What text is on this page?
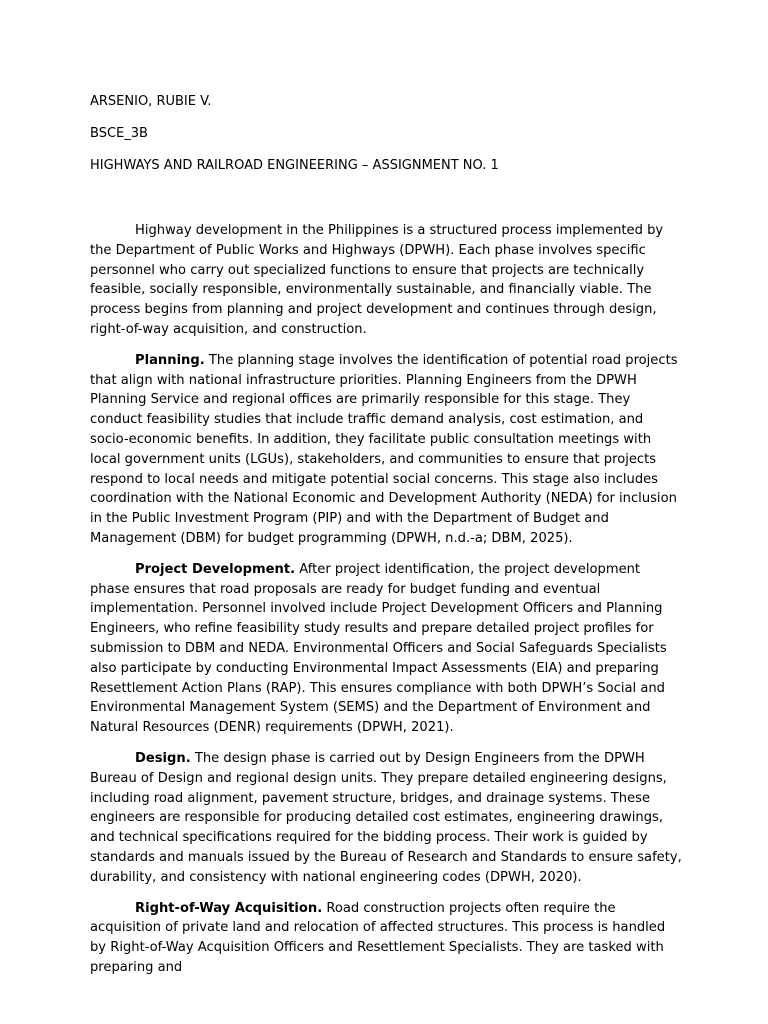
ARSENIO, RUBIE V.
BSCE_3B
HIGHWAYS AND RAILROAD ENGINEERING – ASSIGNMENT NO. 1

Highway development in the Philippines is a structured process implemented by the Department of Public Works and Highways (DPWH). Each phase involves specific personnel who carry out specialized functions to ensure that projects are technically feasible, socially responsible, environmentally sustainable, and financially viable. The process begins from planning and project development and continues through design, right-of-way acquisition, and construction.

Planning. The planning stage involves the identification of potential road projects that align with national infrastructure priorities. Planning Engineers from the DPWH Planning Service and regional offices are primarily responsible for this stage. They conduct feasibility studies that include traffic demand analysis, cost estimation, and socio-economic benefits. In addition, they facilitate public consultation meetings with local government units (LGUs), stakeholders, and communities to ensure that projects respond to local needs and mitigate potential social concerns. This stage also includes coordination with the National Economic and Development Authority (NEDA) for inclusion in the Public Investment Program (PIP) and with the Department of Budget and Management (DBM) for budget programming (DPWH, n.d.-a; DBM, 2025).

Project Development. After project identification, the project development phase ensures that road proposals are ready for budget funding and eventual implementation. Personnel involved include Project Development Officers and Planning Engineers, who refine feasibility study results and prepare detailed project profiles for submission to DBM and NEDA. Environmental Officers and Social Safeguards Specialists also participate by conducting Environmental Impact Assessments (EIA) and preparing Resettlement Action Plans (RAP). This ensures compliance with both DPWH’s Social and Environmental Management System (SEMS) and the Department of Environment and Natural Resources (DENR) requirements (DPWH, 2021).

Design. The design phase is carried out by Design Engineers from the DPWH Bureau of Design and regional design units. They prepare detailed engineering designs, including road alignment, pavement structure, bridges, and drainage systems. These engineers are responsible for producing detailed cost estimates, engineering drawings, and technical specifications required for the bidding process. Their work is guided by standards and manuals issued by the Bureau of Research and Standards to ensure safety, durability, and consistency with national engineering codes (DPWH, 2020).

Right-of-Way Acquisition. Road construction projects often require the acquisition of private land and relocation of affected structures. This process is handled by Right-of-Way Acquisition Officers and Resettlement Specialists. They are tasked with preparing and
